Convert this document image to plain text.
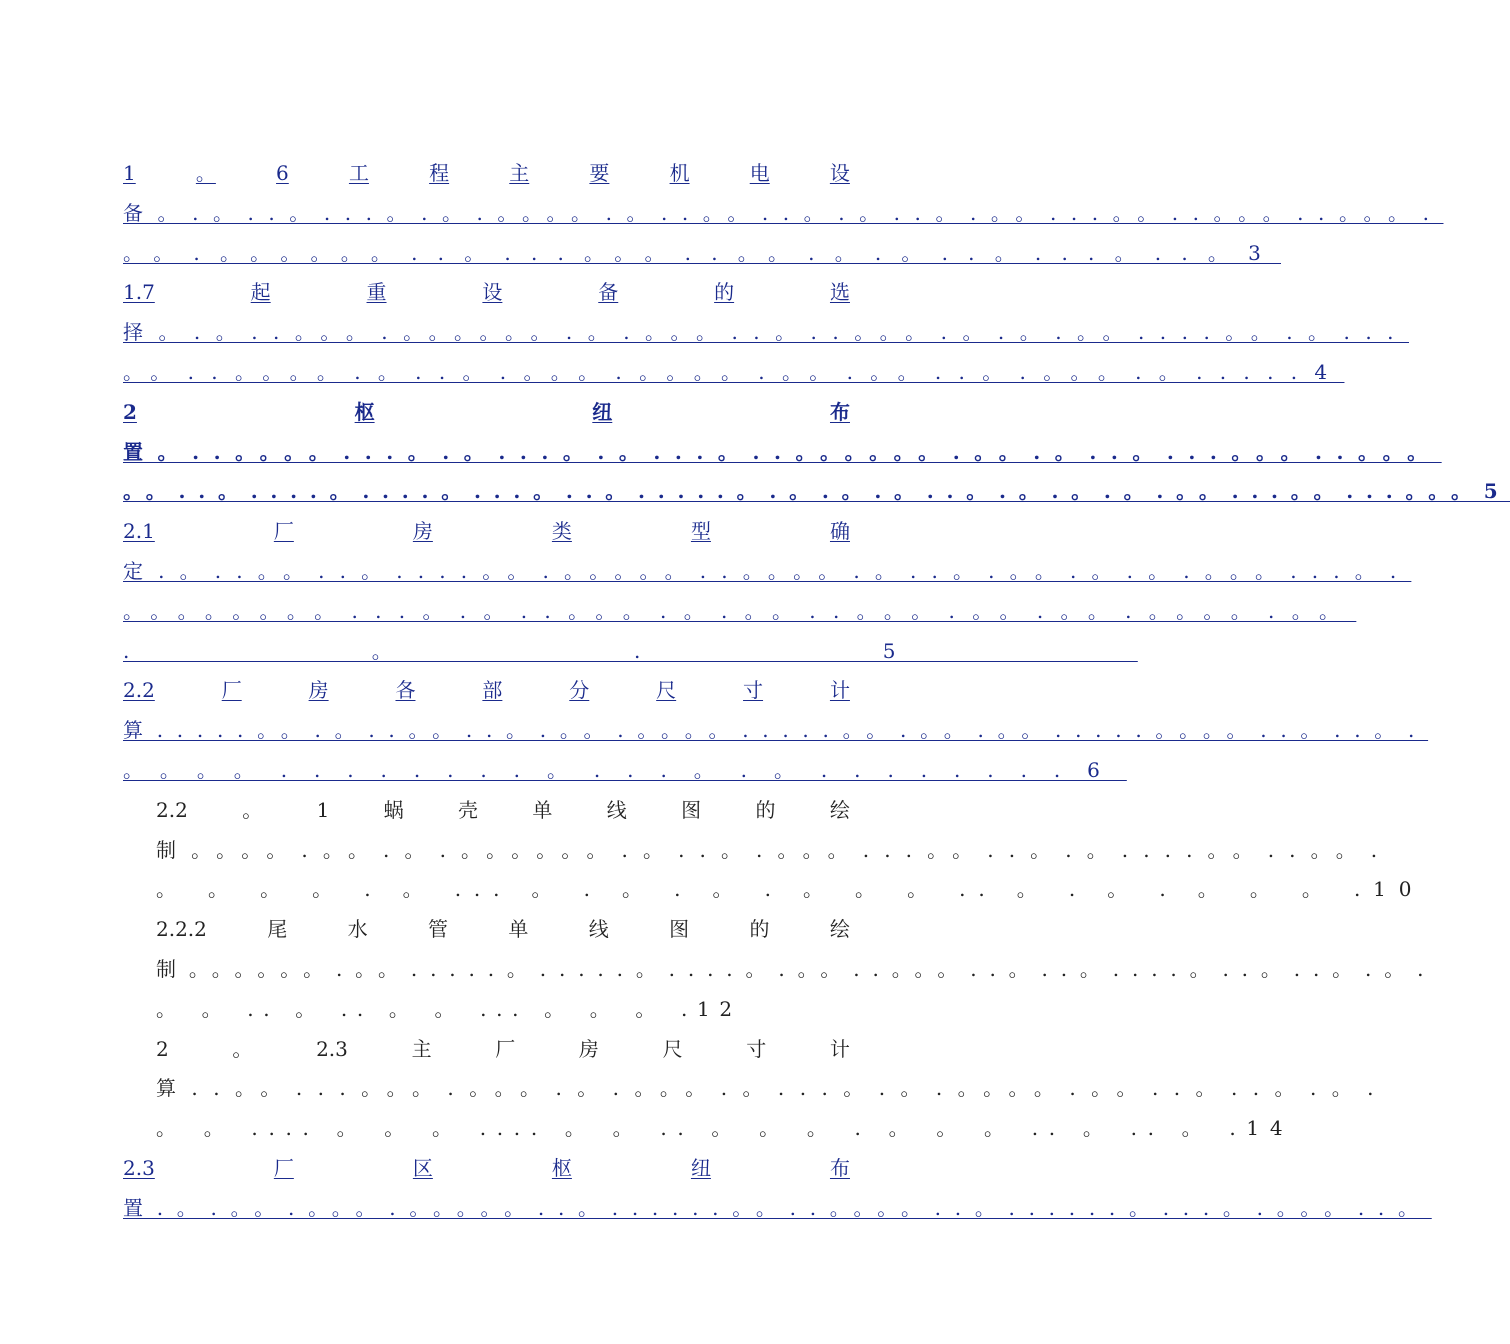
1	。	6	工	程	主	要	机	电	设
备。.。..。...。.。.。。。。.。..。。..。.。..。.。。...。。..。。。..。。。.
。。.。。。。。。..。...。。。..。。.。.。..。...。..。3
1.7	起	重	设	备	的	选
择。.。..。。。.。。。。。。.。.。。。..。..。。。.。.。.。。....。。.。...
。。..。。。。.。..。.。。。.。。。。.。。.。。..。.。。。.。.....4
2	枢	纽	布
置。..。。。。...。.。...。.。...。..。。。。。。.。。.。..。...。。。..。。。
。。..。....。....。...。..。.....。.。.。.。..。.。.。.。.。。...。。...。。。5
2.1	厂	房	类	型	确
定.。..。。..。....。。.。。。。。..。。。。.。..。.。。.。.。.。。。...。.
。。。。。。。。...。.。..。。。.。.。。..。。。.。。.。。.。。。。.。。
.。.5
2.2	厂	房	各	部	分	尺	寸	计
算.....。。.。..。。..。.。。.。。。。.....。。.。。.。。.....。。。。..。..。.
。。。。........。...。.。........6
2.2	。	1	蜗	壳	单	线	图	的	绘
制。。。。.。。.。.。。。。。。.。..。.。。。...。。..。.。....。。..。。.
。 。 。 。 . 。 ... 。 . 。 . 。 . 。 。 。 .. 。 . 。 . 。 。 。 .10
2.2.2	尾	水	管	单	线	图	的	绘
制。。。。。。.。。.....。.....。....。.。。..。。。..。..。....。..。..。.。.
。 。 .. 。 .. 。 。 ... 。 。 。 .12
2	。	2.3	主	厂	房	尺	寸	计
算..。。...。。。.。。。.。.。。。.。...。.。.。。。。.。。..。..。.。.
。 。 .... 。 。 。 .... 。 。 .. 。 。 。 . 。 。 。 .. 。 .. 。 .14
2.3	厂	区	枢	纽	布
置.。.。。.。。。.。。。。。..。......。。..。。。。..。......。...。.。。。..。
